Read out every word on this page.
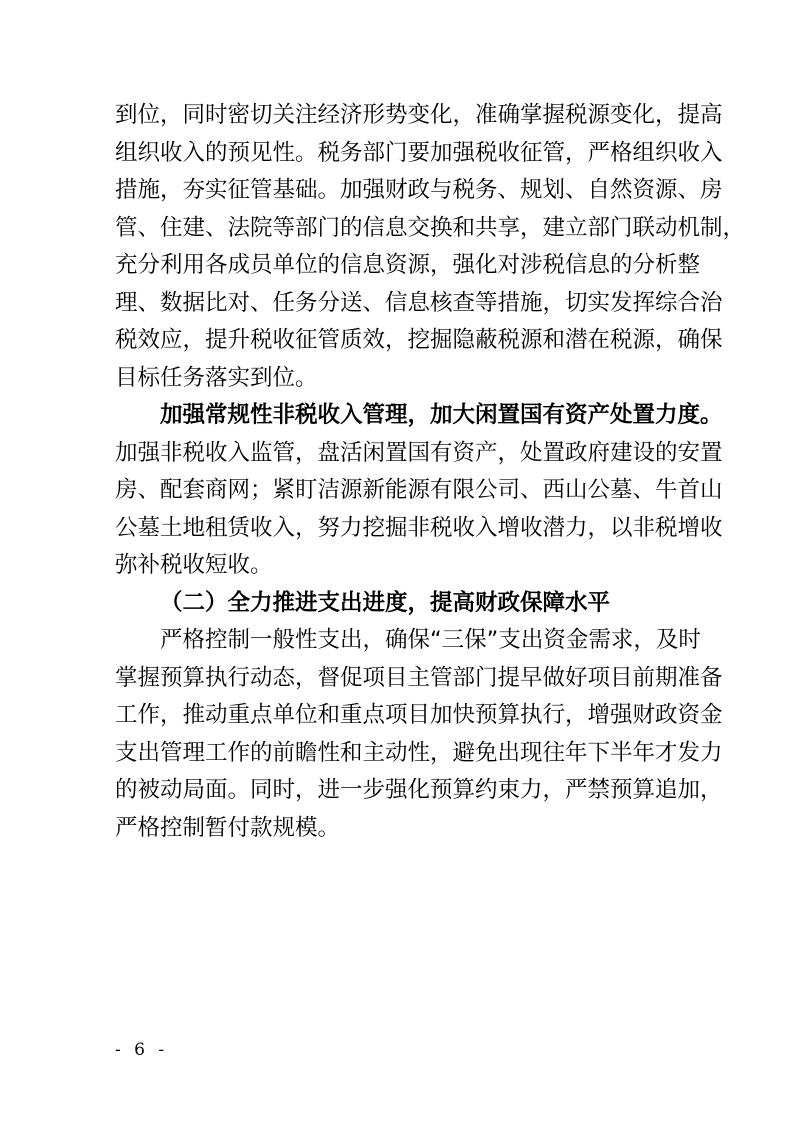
到位，同时密切关注经济形势变化，准确掌握税源变化，提高
组织收入的预见性。税务部门要加强税收征管，严格组织收入
措施，夯实征管基础。加强财政与税务、规划、自然资源、房
管、住建、法院等部门的信息交换和共享，建立部门联动机制，
充分利用各成员单位的信息资源，强化对涉税信息的分析整
理、数据比对、任务分送、信息核查等措施，切实发挥综合治
税效应，提升税收征管质效，挖掘隐蔽税源和潜在税源，确保
目标任务落实到位。
加强常规性非税收入管理，加大闲置国有资产处置力度。
加强非税收入监管，盘活闲置国有资产，处置政府建设的安置
房、配套商网；紧盯洁源新能源有限公司、西山公墓、牛首山
公墓土地租赁收入，努力挖掘非税收入增收潜力，以非税增收
弥补税收短收。
（二）全力推进支出进度，提高财政保障水平
严格控制一般性支出，确保“三保”支出资金需求，及时
掌握预算执行动态，督促项目主管部门提早做好项目前期准备
工作，推动重点单位和重点项目加快预算执行，增强财政资金
支出管理工作的前瞻性和主动性，避免出现往年下半年才发力
的被动局面。同时，进一步强化预算约束力，严禁预算追加，
严格控制暂付款规模。
- 6 -
